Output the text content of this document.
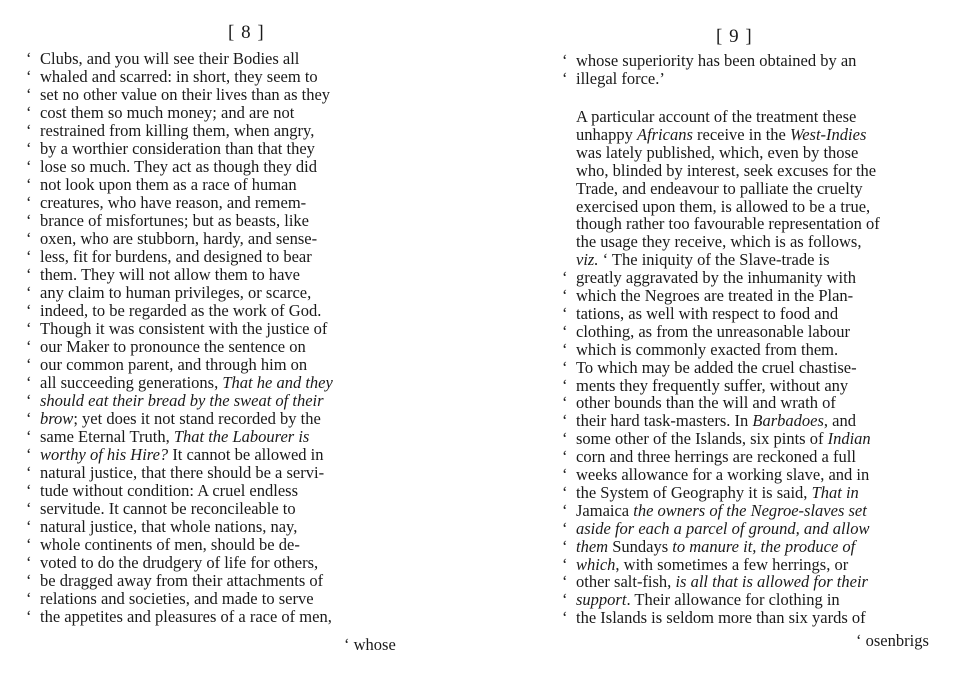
[ 8 ]
‘ Clubs, and you will see their Bodies all
‘ whaled and scarred: in short, they seem to
‘ set no other value on their lives than as they
‘ cost them so much money; and are not
‘ restrained from killing them, when angry,
‘ by a worthier consideration than that they
‘ lose so much. They act as though they did
‘ not look upon them as a race of human
‘ creatures, who have reason, and remem-
‘ brance of misfortunes; but as beasts, like
‘ oxen, who are stubborn, hardy, and sense-
‘ less, fit for burdens, and designed to bear
‘ them. They will not allow them to have
‘ any claim to human privileges, or scarce,
‘ indeed, to be regarded as the work of God.
‘ Though it was consistent with the justice of
‘ our Maker to pronounce the sentence on
‘ our common parent, and through him on
‘ all succeeding generations, That he and they
‘ should eat their bread by the sweat of their
‘ brow; yet does it not stand recorded by the
‘ same Eternal Truth, That the Labourer is
‘ worthy of his Hire? It cannot be allowed in
‘ natural justice, that there should be a servi-
‘ tude without condition: A cruel endless
‘ servitude. It cannot be reconcileable to
‘ natural justice, that whole nations, nay,
‘ whole continents of men, should be de-
‘ voted to do the drudgery of life for others,
‘ be dragged away from their attachments of
‘ relations and societies, and made to serve
‘ the appetites and pleasures of a race of men,
‘ whose
[ 9 ]
‘ whose superiority has been obtained by an
‘ illegal force.’
A particular account of the treatment these
unhappy Africans receive in the West-Indies
was lately published, which, even by those
who, blinded by interest, seek excuses for the
Trade, and endeavour to palliate the cruelty
exercised upon them, is allowed to be a true,
though rather too favourable representation of
the usage they receive, which is as follows,
viz. ‘ The iniquity of the Slave-trade is
‘ greatly aggravated by the inhumanity with
‘ which the Negroes are treated in the Plan-
‘ tations, as well with respect to food and
‘ clothing, as from the unreasonable labour
‘ which is commonly exacted from them.
‘ To which may be added the cruel chastise-
‘ ments they frequently suffer, without any
‘ other bounds than the will and wrath of
‘ their hard task-masters. In Barbadoes, and
‘ some other of the Islands, six pints of Indian
‘ corn and three herrings are reckoned a full
‘ weeks allowance for a working slave, and in
‘ the System of Geography it is said, That in
‘ Jamaica the owners of the Negroe-slaves set
‘ aside for each a parcel of ground, and allow
‘ them Sundays to manure it, the produce of
‘ which, with sometimes a few herrings, or
‘ other salt-fish, is all that is allowed for their
‘ support. Their allowance for clothing in
‘ the Islands is seldom more than six yards of
‘ osenbrigs
